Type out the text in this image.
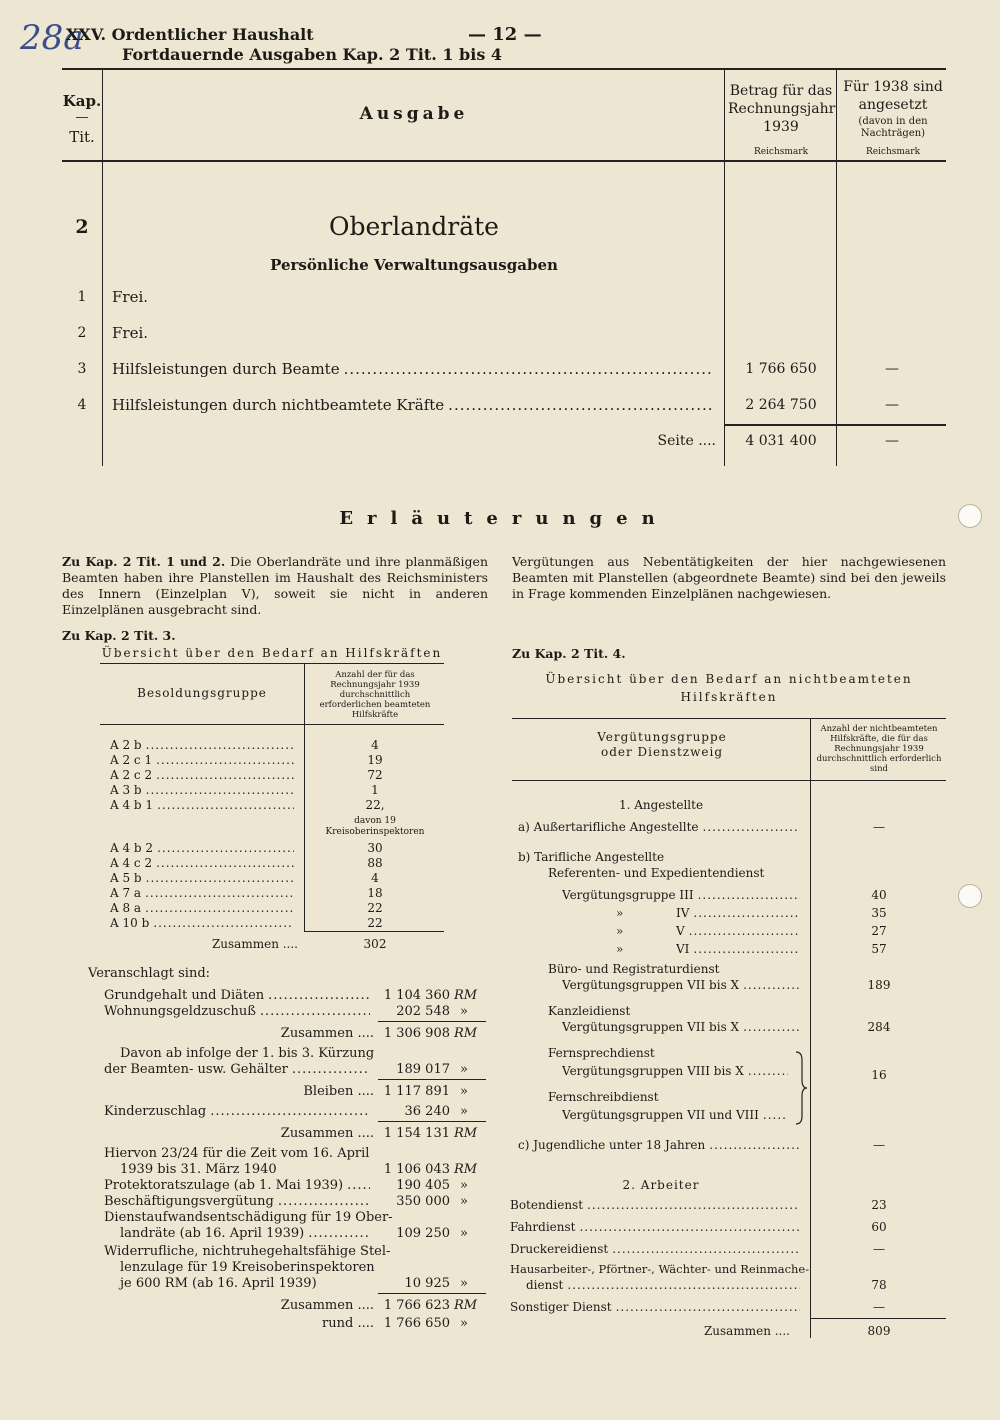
28a
XXV. Ordentlicher Haushalt
Fortdauernde Ausgaben Kap. 2 Tit. 1 bis 4
— 12 —
Kap.
—
Tit.
Ausgabe
Betrag für das Rechnungsjahr 1939
Reichsmark
Für 1938 sind angesetzt
(davon in den Nachträgen)
Reichsmark
2	Oberlandräte
Persönliche Verwaltungsausgaben
1	Frei.
2	Frei.
3	Hilfsleistungen durch Beamte .....	1 766 650	—
4	Hilfsleistungen durch nichtbeamtete Kräfte .....	2 264 750	—
Seite ....	4 031 400	—
Erläuterungen
Zu Kap. 2 Tit. 1 und 2. Die Oberlandräte und ihre planmäßigen Beamten haben ihre Planstellen im Haushalt des Reichsministers des Innern (Einzelplan V), soweit sie nicht in anderen Einzelplänen ausgebracht sind.
Zu Kap. 2 Tit. 3.
Übersicht über den Bedarf an Hilfskräften
Besoldungsgruppe
Anzahl der für das Rechnungsjahr 1939 durchschnittlich erforderlichen beamteten Hilfskräfte
A 2 b .....	4
A 2 c 1 .....	19
A 2 c 2 .....	72
A 3 b .....	1
A 4 b 1 .....	22,
davon 19 Kreisoberinspektoren
A 4 b 2 .....	30
A 4 c 2 .....	88
A 5 b .....	4
A 7 a .....	18
A 8 a .....	22
A 10 b .....	22
Zusammen ....	302
Veranschlagt sind:
Grundgehalt und Diäten .....	1 104 360 RM
Wohnungsgeldzuschuß .....	202 548 »
Zusammen .... 1 306 908 RM
Davon ab infolge der 1. bis 3. Kürzung
der Beamten- usw. Gehälter .....	189 017 »
Bleiben .... 1 117 891 »
Kinderzuschlag .....	36 240 »
Zusammen .... 1 154 131 RM
Hiervon 23/24 für die Zeit vom 16. April
1939 bis 31. März 1940	1 106 043 RM
Protektoratszulage (ab 1. Mai 1939) .....	190 405 »
Beschäftigungsvergütung .....	350 000 »
Dienstaufwandsentschädigung für 19 Ober-
landräte (ab 16. April 1939) .....	109 250 »
Widerrufliche, nichtruhegehaltsfähige Stel-
lenzulage für 19 Kreisoberinspektoren
je 600 RM (ab 16. April 1939)	10 925 »
Zusammen .... 1 766 623 RM
rund .... 1 766 650 »
Vergütungen aus Nebentätigkeiten der hier nachgewiesenen Beamten mit Planstellen (abgeordnete Beamte) sind bei den jeweils in Frage kommenden Einzelplänen nachgewiesen.
Zu Kap. 2 Tit. 4.
Übersicht über den Bedarf an nichtbeamteten
Hilfskräften
Vergütungsgruppe oder Dienstzweig
Anzahl der nichtbeamteten Hilfskräfte, die für das Rechnungsjahr 1939 durchschnittlich erforderlich sind
1. Angestellte
a) Außertarifliche Angestellte .....	—
b) Tarifliche Angestellte
Referenten- und Expedientendienst
Vergütungsgruppe III .....	40
»	IV .....	35
»	V .....	27
»	VI .....	57
Büro- und Registraturdienst
Vergütungsgruppen VII bis X .....	189
Kanzleidienst
Vergütungsgruppen VII bis X .....	284
Fernsprechdienst
Vergütungsgruppen VIII bis X
.....
Fernschreibdienst
Vergütungsgruppen VII und VIII
.....
16
c) Jugendliche unter 18 Jahren .....	—
2. Arbeiter
Botendienst .....	23
Fahrdienst .....	60
Druckereidienst .....	—
Hausarbeiter-, Pförtner-, Wächter- und Reinmache-
dienst .....	78
Sonstiger Dienst .....	—
Zusammen ....	809
